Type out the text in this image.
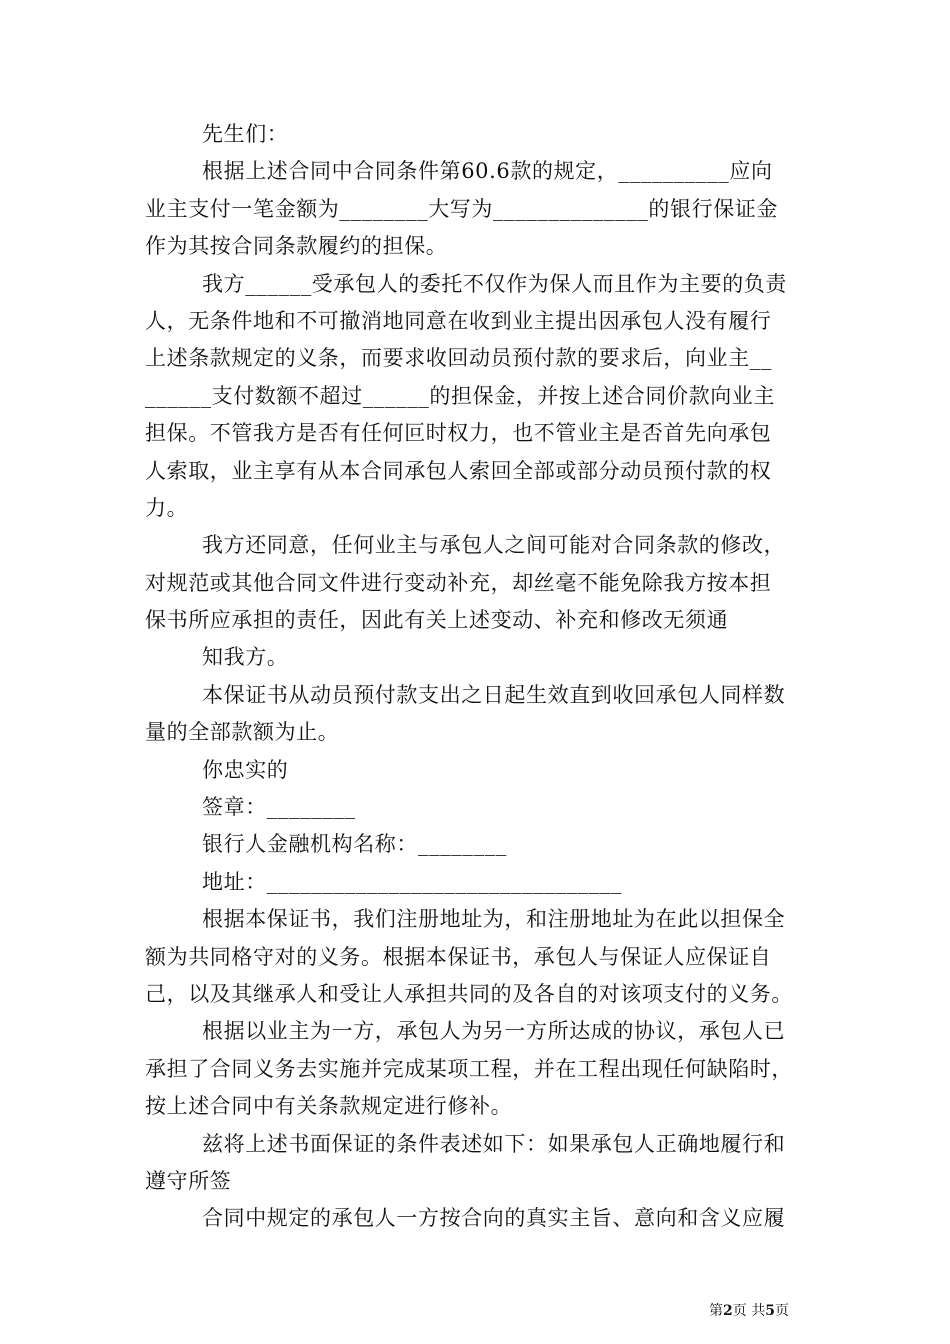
先生们：
根据上述合同中合同条件第60.6款的规定，__________应向
业主支付一笔金额为________大写为______________的银行保证金
作为其按合同条款履约的担保。
我方______受承包人的委托不仅作为保人而且作为主要的负责
人，无条件地和不可撤消地同意在收到业主提出因承包人没有履行
上述条款规定的义条，而要求收回动员预付款的要求后，向业主__
______支付数额不超过______的担保金，并按上述合同价款向业主
担保。不管我方是否有任何叵时权力，也不管业主是否首先向承包
人索取，业主享有从本合同承包人索回全部或部分动员预付款的权
力。
我方还同意，任何业主与承包人之间可能对合同条款的修改，
对规范或其他合同文件进行变动补充，却丝毫不能免除我方按本担
保书所应承担的责任，因此有关上述变动、补充和修改无须通
知我方。
本保证书从动员预付款支出之日起生效直到收回承包人同样数
量的全部款额为止。
你忠实的
签章：________
银行人金融机构名称：________
地址：________________________________
根据本保证书，我们注册地址为，和注册地址为在此以担保全
额为共同格守对的义务。根据本保证书，承包人与保证人应保证自
己，以及其继承人和受让人承担共同的及各自的对该项支付的义务。
根据以业主为一方，承包人为另一方所达成的协议，承包人已
承担了合同义务去实施并完成某项工程，并在工程出现任何缺陷时，
按上述合同中有关条款规定进行修补。
兹将上述书面保证的条件表述如下：如果承包人正确地履行和
遵守所签
合同中规定的承包人一方按合向的真实主旨、意向和含义应履
第2页 共5页
